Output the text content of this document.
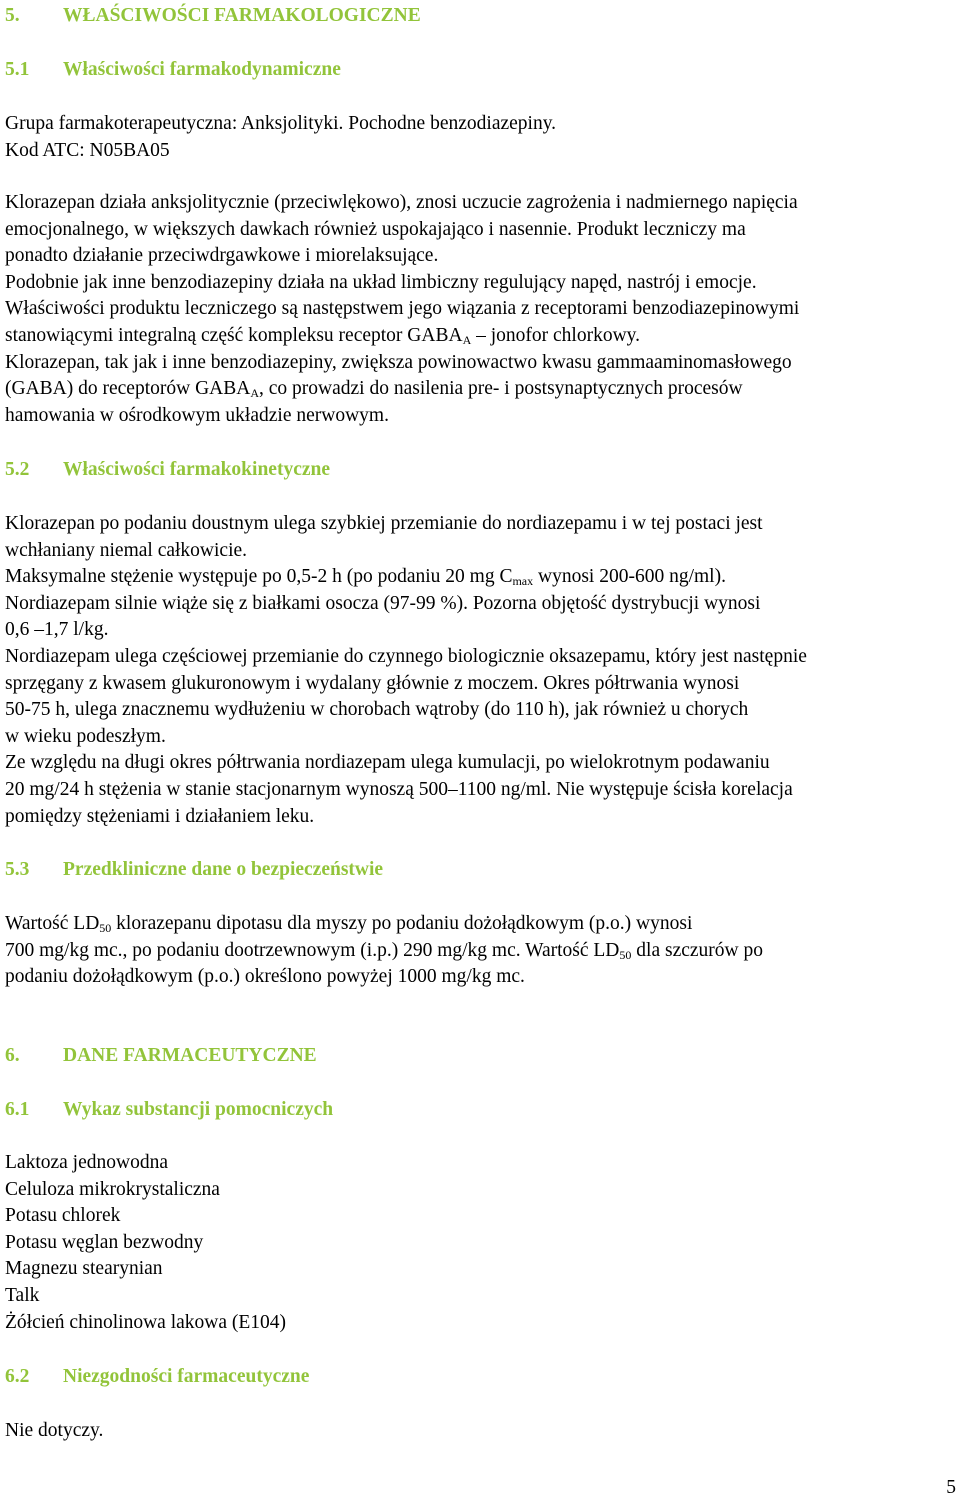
5. WŁAŚCIWOŚCI FARMAKOLOGICZNE
5.1 Właściwości farmakodynamiczne

Grupa farmakoterapeutyczna: Anksjolityki. Pochodne benzodiazepiny.

Kod ATC: N05BA05

Klorazepan działa anksjolitycznie (przeciwlękowo), znosi uczucie zagrożenia i nadmiernego napięcia

emocjonalnego, w większych dawkach również uspokajająco i nasennie. Produkt leczniczy ma

ponadto działanie przeciwdrgawkowe i miorelaksujące.

Podobnie jak inne benzodiazepiny działa na układ limbiczny regulujący napęd, nastrój i emocje.

Właściwości produktu leczniczego są następstwem jego wiązania z receptorami benzodiazepinowymi

stanowiącymi integralną część kompleksu receptor $GABA_A$ – jonofor chlorkowy.

Klorazepan, tak jak i inne benzodiazepiny, zwiększa powinowactwo kwasu gammaaminomasłowego

(GABA) do receptorów $GABA_A$, co prowadzi do nasilenia pre- i postsynaptycznych procesów

hamowania w ośrodkowym układzie nerwowym.

5.2 Właściwości farmakokinetyczne

Klorazepan po podaniu doustnym ulega szybkiej przemianie do nordiazepamu i w tej postaci jest

wchłaniany niemal całkowicie.

Maksymalne stężenie występuje po 0,5-2 h (po podaniu 20 mg $C_{max}$ wynosi 200-600 ng/ml).

Nordiazepam silnie wiąże się z białkami osocza (97-99 %). Pozorna objętość dystrybucji wynosi

0,6 –1,7 l/kg.

Nordiazepam ulega częściowej przemianie do czynnego biologicznie oksazepamu, który jest następnie

sprzęgany z kwasem glukuronowym i wydalany głównie z moczem. Okres półtrwania wynosi

50-75 h, ulega znacznemu wydłużeniu w chorobach wątroby (do 110 h), jak również u chorych

w wieku podeszłym.

Ze względu na długi okres półtrwania nordiazepam ulega kumulacji, po wielokrotnym podawaniu

20 mg/24 h stężenia w stanie stacjonarnym wynoszą 500–1100 ng/ml. Nie występuje ścisła korelacja

pomiędzy stężeniami i działaniem leku.

5.3 Przedkliniczne dane o bezpieczeństwie

Wartość $LD_{50}$ klorazepanu dipotasu dla myszy po podaniu dożołądkowym (p.o.) wynosi

700 mg/kg mc., po podaniu dootrzewnowym (i.p.) 290 mg/kg mc. Wartość $LD_{50}$ dla szczurów po

podaniu dożołądkowym (p.o.) określono powyżej 1000 mg/kg mc.

6. DANE FARMACEUTYCZNE
6.1 Wykaz substancji pomocniczych

Laktoza jednowodna

Celuloza mikrokrystaliczna

Potasu chlorek

Potasu węglan bezwodny

Magnezu stearynian

Talk

Żółcień chinolinowa lakowa (E104)

6.2 Niezgodności farmaceutyczne

Nie dotyczy.

5
